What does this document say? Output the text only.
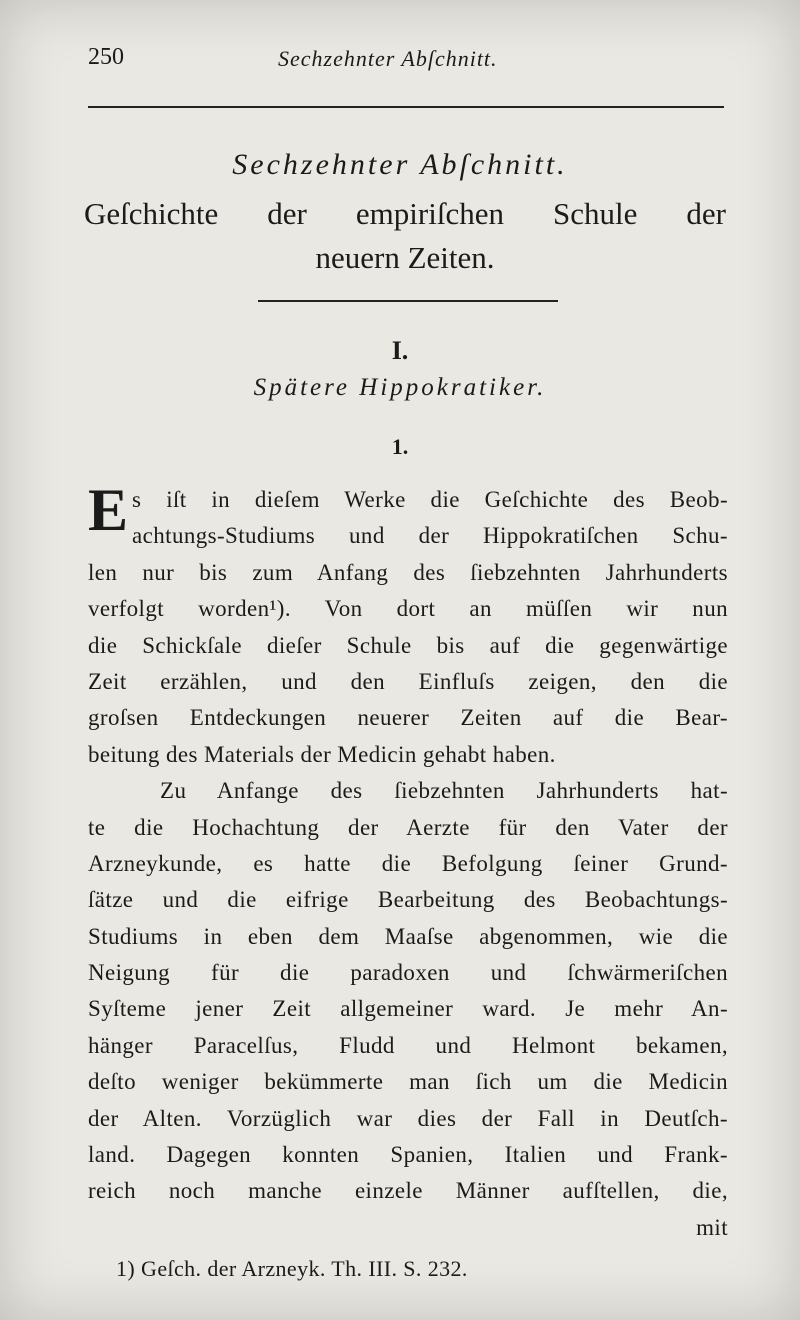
250	Sechzehnter Abſchnitt.
Sechzehnter Abſchnitt.
Geſchichte der empiriſchen Schule der
neuern Zeiten.
I.
Spätere Hippokratiker.
1.
E s iſt in dieſem Werke die Geſchichte des Beob-
achtungs-Studiums und der Hippokratiſchen Schu-
len nur bis zum Anfang des ſiebzehnten Jahrhunderts
verfolgt worden¹). Von dort an müſſen wir nun
die Schickſale dieſer Schule bis auf die gegenwärtige
Zeit erzählen, und den Einfluſs zeigen, den die
groſsen Entdeckungen neuerer Zeiten auf die Bear-
beitung des Materials der Medicin gehabt haben.
Zu Anfange des ſiebzehnten Jahrhunderts hat-
te die Hochachtung der Aerzte für den Vater der
Arzneykunde, es hatte die Befolgung ſeiner Grund-
ſätze und die eifrige Bearbeitung des Beobachtungs-
Studiums in eben dem Maaſse abgenommen, wie die
Neigung für die paradoxen und ſchwärmeriſchen
Syſteme jener Zeit allgemeiner ward. Je mehr An-
hänger Paracelſus, Fludd und Helmont bekamen,
deſto weniger bekümmerte man ſich um die Medicin
der Alten. Vorzüglich war dies der Fall in Deutſch-
land. Dagegen konnten Spanien, Italien und Frank-
reich noch manche einzele Männer aufſtellen, die,
mit
1) Geſch. der Arzneyk. Th. III. S. 232.
